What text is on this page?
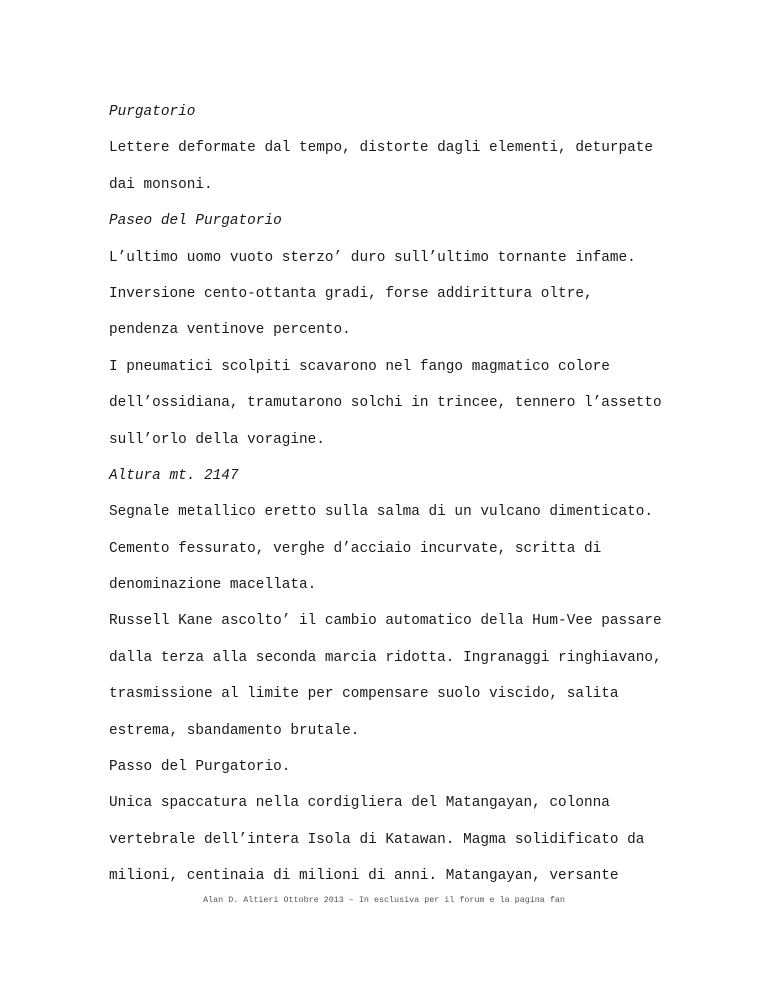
Purgatorio
Lettere deformate dal tempo, distorte dagli elementi, deturpate
dai monsoni.
Paseo del Purgatorio
L’ultimo uomo vuoto sterzo’ duro sull’ultimo tornante infame.
Inversione cento-ottanta gradi, forse addirittura oltre,
pendenza ventinove percento.
I pneumatici scolpiti scavarono nel fango magmatico colore
dell’ossidiana, tramutarono solchi in trincee, tennero l’assetto
sull’orlo della voragine.
Altura mt. 2147
Segnale metallico eretto sulla salma di un vulcano dimenticato.
Cemento fessurato, verghe d’acciaio incurvate, scritta di
denominazione macellata.
Russell Kane ascolto’ il cambio automatico della Hum-Vee passare
dalla terza alla seconda marcia ridotta. Ingranaggi ringhiavano,
trasmissione al limite per compensare suolo viscido, salita
estrema, sbandamento brutale.
Passo del Purgatorio.
Unica spaccatura nella cordigliera del Matangayan, colonna
vertebrale dell’intera Isola di Katawan. Magma solidificato da
milioni, centinaia di milioni di anni. Matangayan, versante
Alan D. Altieri Ottobre 2013 – In esclusiva per il forum e la pagina fan
